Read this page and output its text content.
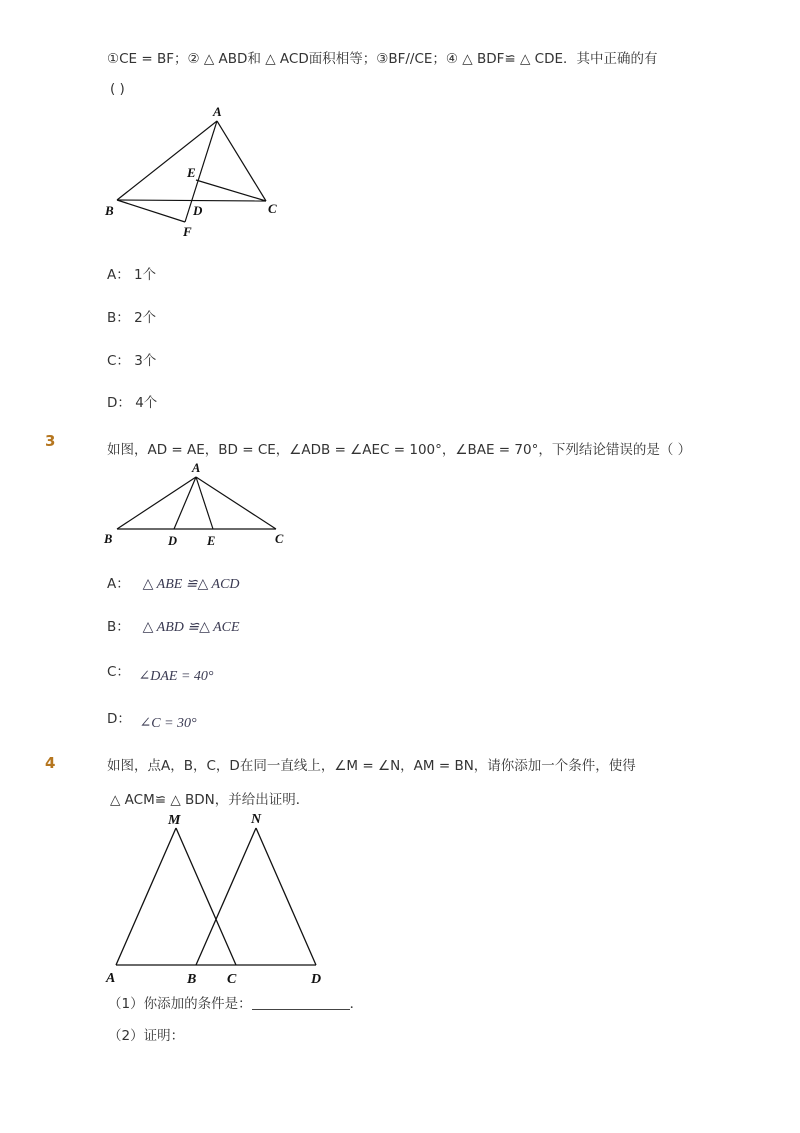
①CE = BF；② △ ABD和 △ ACD面积相等；③BF//CE；④ △ BDF≌ △ CDE．其中正确的有
( )
A
B	C
D
E
F
A： 1个
B： 2个
C： 3个
D： 4个
3	如图，AD = AE，BD = CE，∠ADB = ∠AEC = 100°，∠BAE = 70°，下列结论错误的是（ ）
A
B	D E	C
A： △ ABE ≌△ ACD
B： △ ABD ≌△ ACE
C： ∠DAE = 40°
D： ∠C = 30°
4	如图，点A，B，C，D在同一直线上，∠M = ∠N，AM = BN，请你添加一个条件，使得
△ ACM≌ △ BDN，并给出证明．
M	N
A	B C	D
（1）你添加的条件是：	．
（2）证明：
